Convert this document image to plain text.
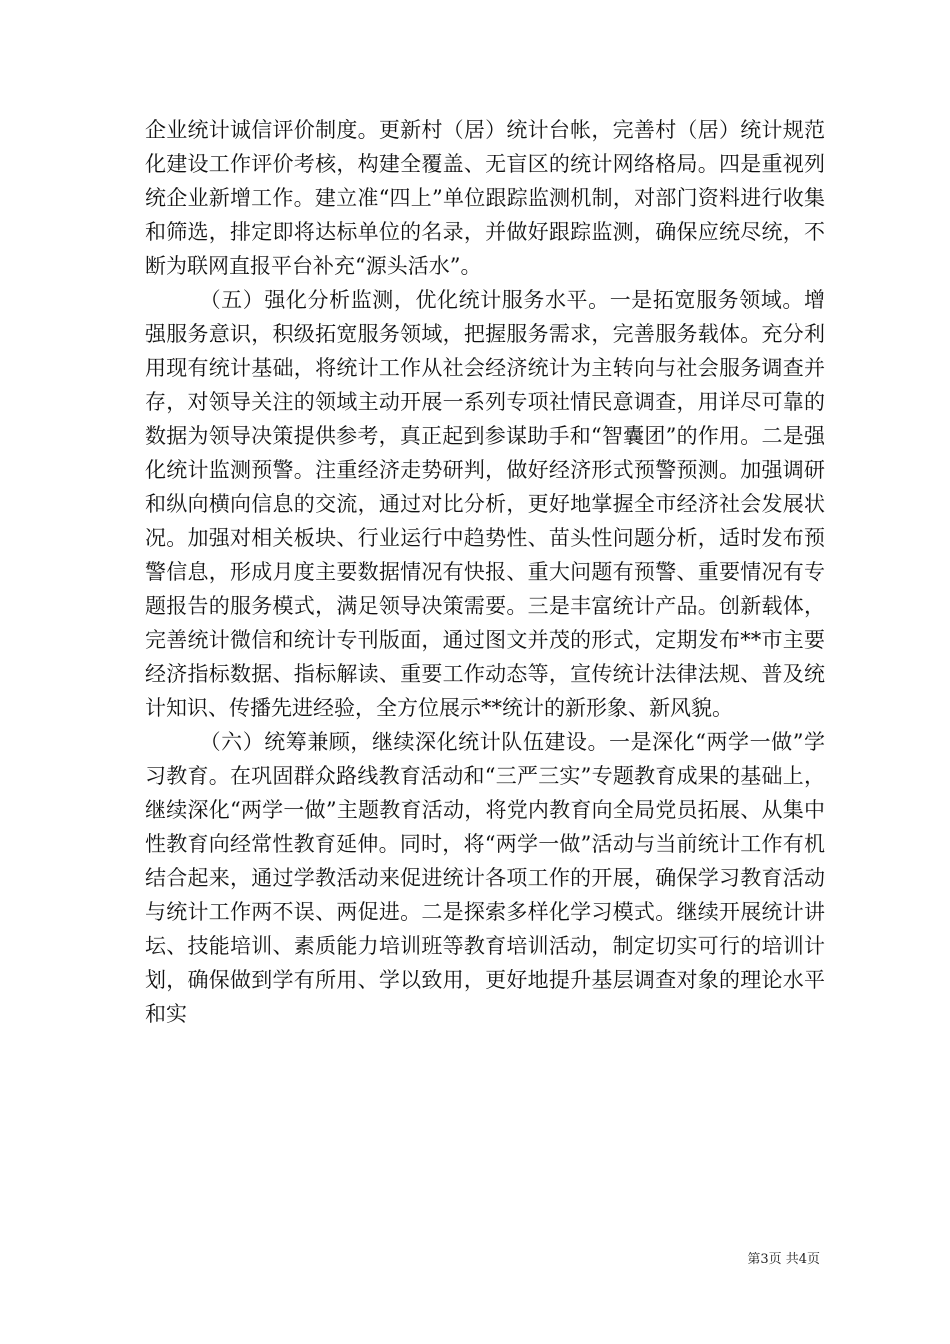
企业统计诚信评价制度。更新村（居）统计台帐，完善村（居）统计规范化建设工作评价考核，构建全覆盖、无盲区的统计网络格局。四是重视列统企业新增工作。建立准“四上”单位跟踪监测机制，对部门资料进行收集和筛选，排定即将达标单位的名录，并做好跟踪监测，确保应统尽统，不断为联网直报平台补充“源头活水”。

（五）强化分析监测，优化统计服务水平。一是拓宽服务领域。增强服务意识，积级拓宽服务领域，把握服务需求，完善服务载体。充分利用现有统计基础，将统计工作从社会经济统计为主转向与社会服务调查并存，对领导关注的领域主动开展一系列专项社情民意调查，用详尽可靠的数据为领导决策提供参考，真正起到参谋助手和“智囊团”的作用。二是强化统计监测预警。注重经济走势研判，做好经济形式预警预测。加强调研和纵向横向信息的交流，通过对比分析，更好地掌握全市经济社会发展状况。加强对相关板块、行业运行中趋势性、苗头性问题分析，适时发布预警信息，形成月度主要数据情况有快报、重大问题有预警、重要情况有专题报告的服务模式，满足领导决策需要。三是丰富统计产品。创新载体，完善统计微信和统计专刊版面，通过图文并茂的形式，定期发布**市主要经济指标数据、指标解读、重要工作动态等，宣传统计法律法规、普及统计知识、传播先进经验，全方位展示**统计的新形象、新风貌。

（六）统筹兼顾，继续深化统计队伍建设。一是深化“两学一做”学习教育。在巩固群众路线教育活动和“三严三实”专题教育成果的基础上，继续深化“两学一做”主题教育活动，将党内教育向全局党员拓展、从集中性教育向经常性教育延伸。同时，将“两学一做”活动与当前统计工作有机结合起来，通过学教活动来促进统计各项工作的开展，确保学习教育活动与统计工作两不误、两促进。二是探索多样化学习模式。继续开展统计讲坛、技能培训、素质能力培训班等教育培训活动，制定切实可行的培训计划，确保做到学有所用、学以致用，更好地提升基层调查对象的理论水平和实

第3页 共4页
